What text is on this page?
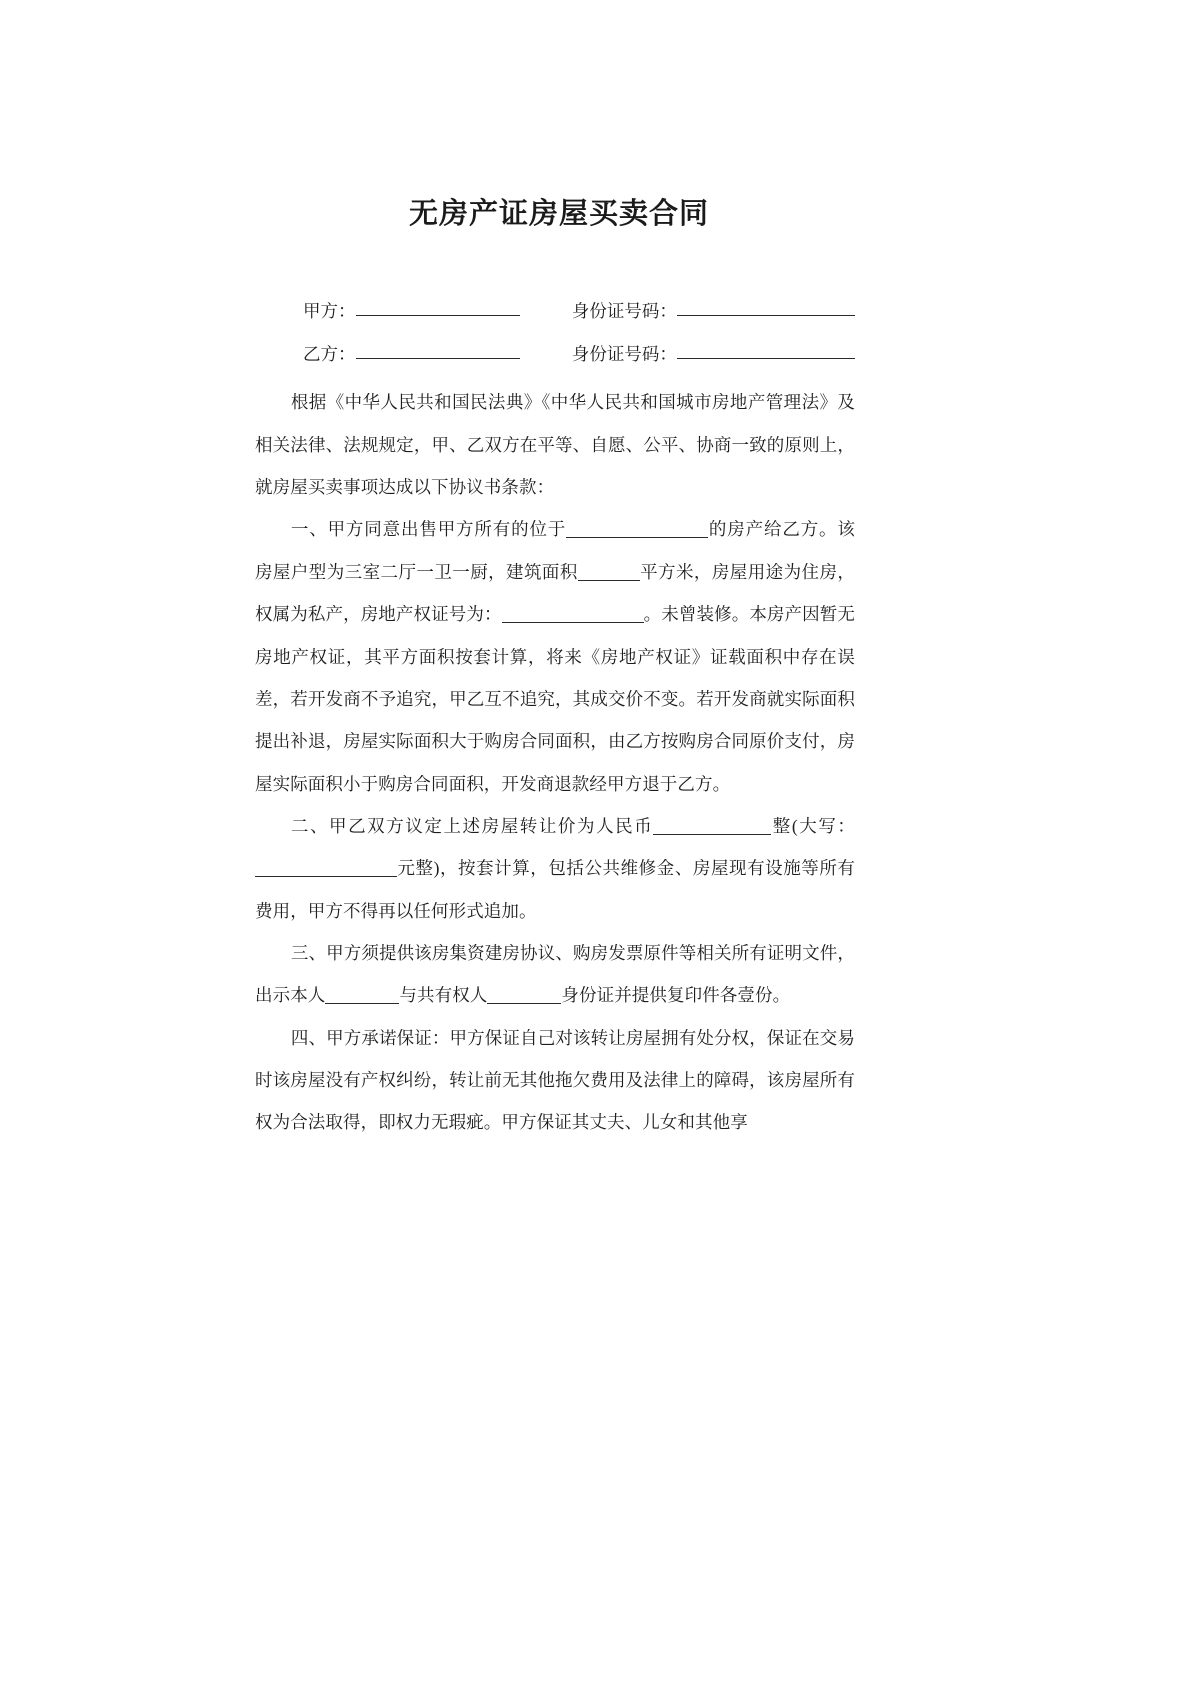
无房产证房屋买卖合同
甲方：	身份证号码：
乙方：	身份证号码：

根据《中华人民共和国民法典》《中华人民共和国城市房地产管理法》及相关法律、法规规定，甲、乙双方在平等、自愿、公平、协商一致的原则上，就房屋买卖事项达成以下协议书条款：

一、甲方同意出售甲方所有的位于	的房产给乙方。该房屋户型为三室二厅一卫一厨，建筑面积	平方米，房屋用途为住房，权属为私产，房地产权证号为：	。未曾装修。本房产因暂无房地产权证，其平方面积按套计算，将来《房地产权证》证载面积中存在误差，若开发商不予追究，甲乙互不追究，其成交价不变。若开发商就实际面积提出补退，房屋实际面积大于购房合同面积，由乙方按购房合同原价支付，房屋实际面积小于购房合同面积，开发商退款经甲方退于乙方。

二、甲乙双方议定上述房屋转让价为人民币	整(大写：元整)，按套计算，包括公共维修金、房屋现有设施等所有费用，甲方不得再以任何形式追加。

三、甲方须提供该房集资建房协议、购房发票原件等相关所有证明文件，出示本人	与共有权人	身份证并提供复印件各壹份。

四、甲方承诺保证：甲方保证自己对该转让房屋拥有处分权，保证在交易时该房屋没有产权纠纷，转让前无其他拖欠费用及法律上的障碍，该房屋所有权为合法取得，即权力无瑕疵。甲方保证其丈夫、儿女和其他享
